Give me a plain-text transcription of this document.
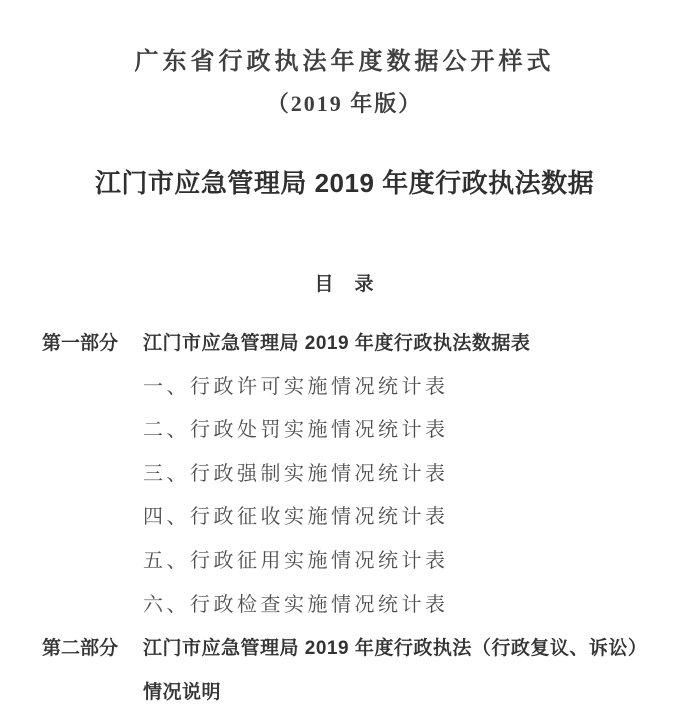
广东省行政执法年度数据公开样式
（2019 年版）
江门市应急管理局 2019 年度行政执法数据
目　录
第一部分	江门市应急管理局 2019 年度行政执法数据表
一、行政许可实施情况统计表
二、行政处罚实施情况统计表
三、行政强制实施情况统计表
四、行政征收实施情况统计表
五、行政征用实施情况统计表
六、行政检查实施情况统计表
第二部分	江门市应急管理局 2019 年度行政执法（行政复议、诉讼）
情况说明
